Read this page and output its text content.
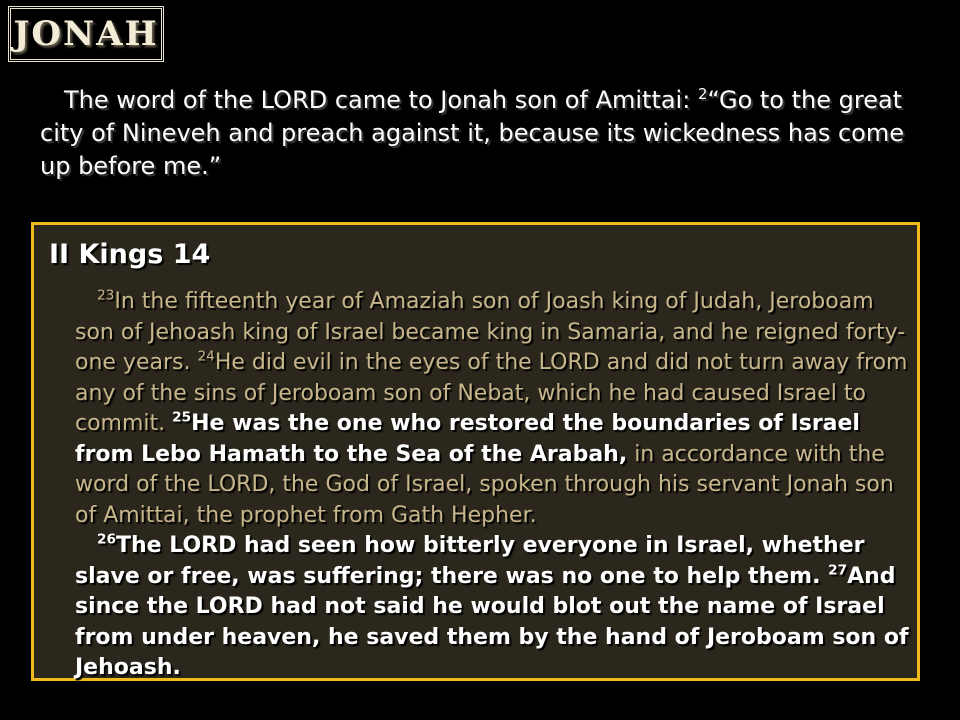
JONAH

The word of the LORD came to Jonah son of Amittai: $^2$“Go to the great city of Nineveh and preach against it, because its wickedness has come up before me.”

II Kings 14

$^{23}$In the fifteenth year of Amaziah son of Joash king of Judah, Jeroboam son of Jehoash king of Israel became king in Samaria, and he reigned forty-one years. $^{24}$He did evil in the eyes of the LORD and did not turn away from any of the sins of Jeroboam son of Nebat, which he had caused Israel to commit. $^{25}$He was the one who restored the boundaries of Israel from Lebo Hamath to the Sea of the Arabah, in accordance with the word of the LORD, the God of Israel, spoken through his servant Jonah son of Amittai, the prophet from Gath Hepher.

$^{26}$The LORD had seen how bitterly everyone in Israel, whether slave or free, was suffering; there was no one to help them. $^{27}$And since the LORD had not said he would blot out the name of Israel from under heaven, he saved them by the hand of Jeroboam son of Jehoash.
